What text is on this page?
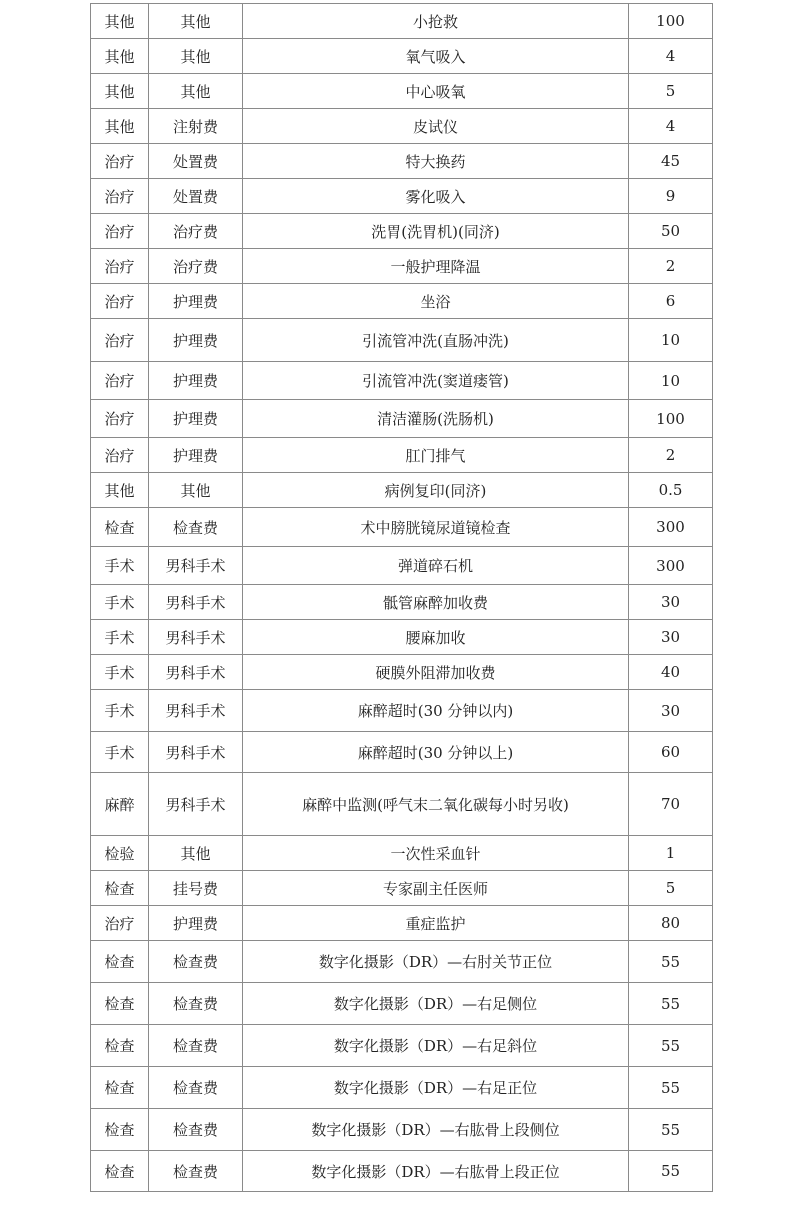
其他	其他	小抢救	100
其他	其他	氧气吸入	4
其他	其他	中心吸氧	5
其他	注射费	皮试仪	4
治疗	处置费	特大换药	45
治疗	处置费	雾化吸入	9
治疗	治疗费	洗胃(洗胃机)(同济)	50
治疗	治疗费	一般护理降温	2
治疗	护理费	坐浴	6
治疗	护理费	引流管冲洗(直肠冲洗)	10
治疗	护理费	引流管冲洗(窦道瘘管)	10
治疗	护理费	清洁灌肠(洗肠机)	100
治疗	护理费	肛门排气	2
其他	其他	病例复印(同济)	0.5
检查	检查费	术中膀胱镜尿道镜检查	300
手术	男科手术	弹道碎石机	300
手术	男科手术	骶管麻醉加收费	30
手术	男科手术	腰麻加收	30
手术	男科手术	硬膜外阻滞加收费	40
手术	男科手术	麻醉超时(30 分钟以内)	30
手术	男科手术	麻醉超时(30 分钟以上)	60
麻醉	男科手术	麻醉中监测(呼气末二氧化碳每小时另收)	70
检验	其他	一次性采血针	1
检查	挂号费	专家副主任医师	5
治疗	护理费	重症监护	80
检查	检查费	数字化摄影（DR）—右肘关节正位	55
检查	检查费	数字化摄影（DR）—右足侧位	55
检查	检查费	数字化摄影（DR）—右足斜位	55
检查	检查费	数字化摄影（DR）—右足正位	55
检查	检查费	数字化摄影（DR）—右肱骨上段侧位	55
检查	检查费	数字化摄影（DR）—右肱骨上段正位	55
